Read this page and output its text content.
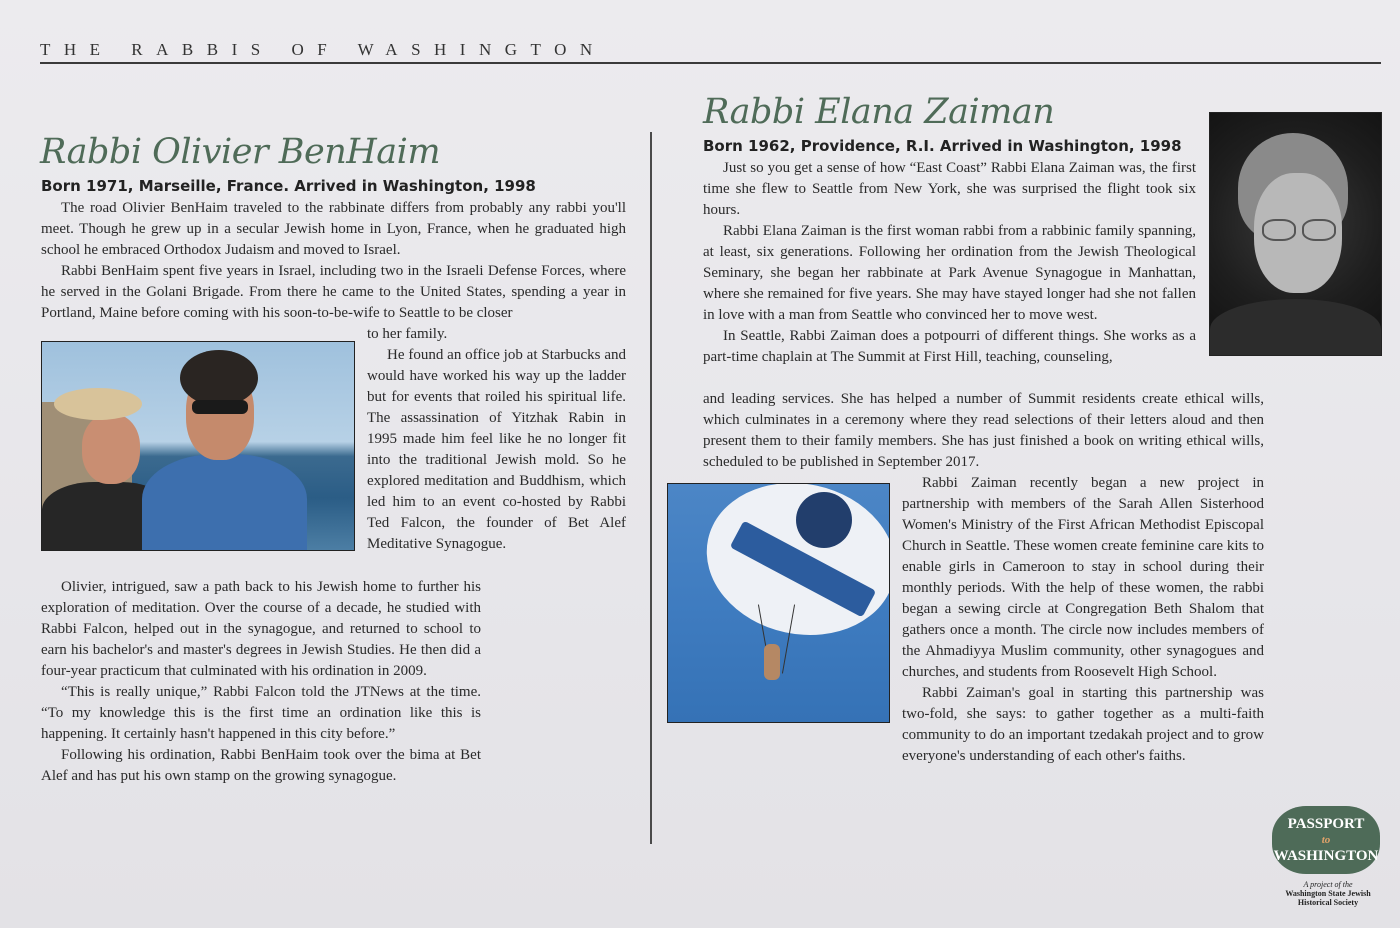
THE RABBIS OF WASHINGTON
Rabbi Olivier BenHaim
Born 1971, Marseille, France. Arrived in Washington, 1998

The road Olivier BenHaim traveled to the rabbinate differs from probably any rabbi you'll meet. Though he grew up in a secular Jewish home in Lyon, France, when he graduated high school he embraced Orthodox Judaism and moved to Israel.

Rabbi BenHaim spent five years in Israel, including two in the Israeli Defense Forces, where he served in the Golani Brigade. From there he came to the United States, spending a year in Portland, Maine before coming with his soon-to-be-wife to Seattle to be closer

to her family.

He found an office job at Starbucks and would have worked his way up the ladder but for events that roiled his spiritual life. The assassination of Yitzhak Rabin in 1995 made him feel like he no longer fit into the traditional Jewish mold. So he explored meditation and Buddhism, which led him to an event co-hosted by Rabbi Ted Falcon, the founder of Bet Alef Meditative Synagogue.

Olivier, intrigued, saw a path back to his Jewish home to further his exploration of meditation. Over the course of a decade, he studied with Rabbi Falcon, helped out in the synagogue, and returned to school to earn his bachelor's and master's degrees in Jewish Studies. He then did a four-year practicum that culminated with his ordination in 2009.

“This is really unique,” Rabbi Falcon told the JTNews at the time. “To my knowledge this is the first time an ordination like this is happening. It certainly hasn't happened in this city before.”

Following his ordination, Rabbi BenHaim took over the bima at Bet Alef and has put his own stamp on the growing synagogue.

Rabbi Elana Zaiman
Born 1962, Providence, R.I. Arrived in Washington, 1998

Just so you get a sense of how “East Coast” Rabbi Elana Zaiman was, the first time she flew to Seattle from New York, she was surprised the flight took six hours.

Rabbi Elana Zaiman is the first woman rabbi from a rabbinic family spanning, at least, six generations. Following her ordination from the Jewish Theological Seminary, she began her rabbinate at Park Avenue Synagogue in Manhattan, where she remained for five years. She may have stayed longer had she not fallen in love with a man from Seattle who convinced her to move west.

In Seattle, Rabbi Zaiman does a potpourri of different things. She works as a part-time chaplain at The Summit at First Hill, teaching, counseling,

and leading services. She has helped a number of Summit residents create ethical wills, which culminates in a ceremony where they read selections of their letters aloud and then present them to their family members. She has just finished a book on writing ethical wills, scheduled to be published in September 2017.

Rabbi Zaiman recently began a new project in partnership with members of the Sarah Allen Sisterhood Women's Ministry of the First African Methodist Episcopal Church in Seattle. These women create feminine care kits to enable girls in Cameroon to stay in school during their monthly periods. With the help of these women, the rabbi began a sewing circle at Congregation Beth Shalom that gathers once a month. The circle now includes members of the Ahmadiyya Muslim community, other synagogues and churches, and students from Roosevelt High School.

Rabbi Zaiman's goal in starting this partnership was two-fold, she says: to gather together as a multi-faith community to do an important tzedakah project and to grow everyone's understanding of each other's faiths.

PASSPORT
to
WASHINGTON
A project of the
Washington State Jewish
Historical Society
